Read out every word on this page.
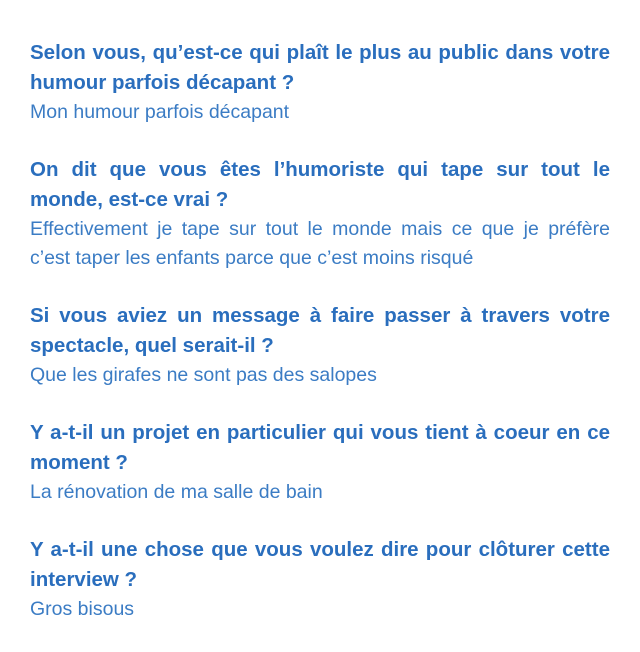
Selon vous, qu’est-ce qui plaît le plus au public dans votre humour parfois décapant ?

Mon humour parfois décapant

On dit que vous êtes l’humoriste qui tape sur tout le monde, est-ce vrai ?

Effectivement je tape sur tout le monde mais ce que je préfère c’est taper les enfants parce que c’est moins risqué

Si vous aviez un message à faire passer à travers votre spectacle, quel serait-il ?

Que les girafes ne sont pas des salopes

Y a-t-il un projet en particulier qui vous tient à coeur en ce moment ?

La rénovation de ma salle de bain

Y a-t-il une chose que vous voulez dire pour clôturer cette interview ?

Gros bisous
